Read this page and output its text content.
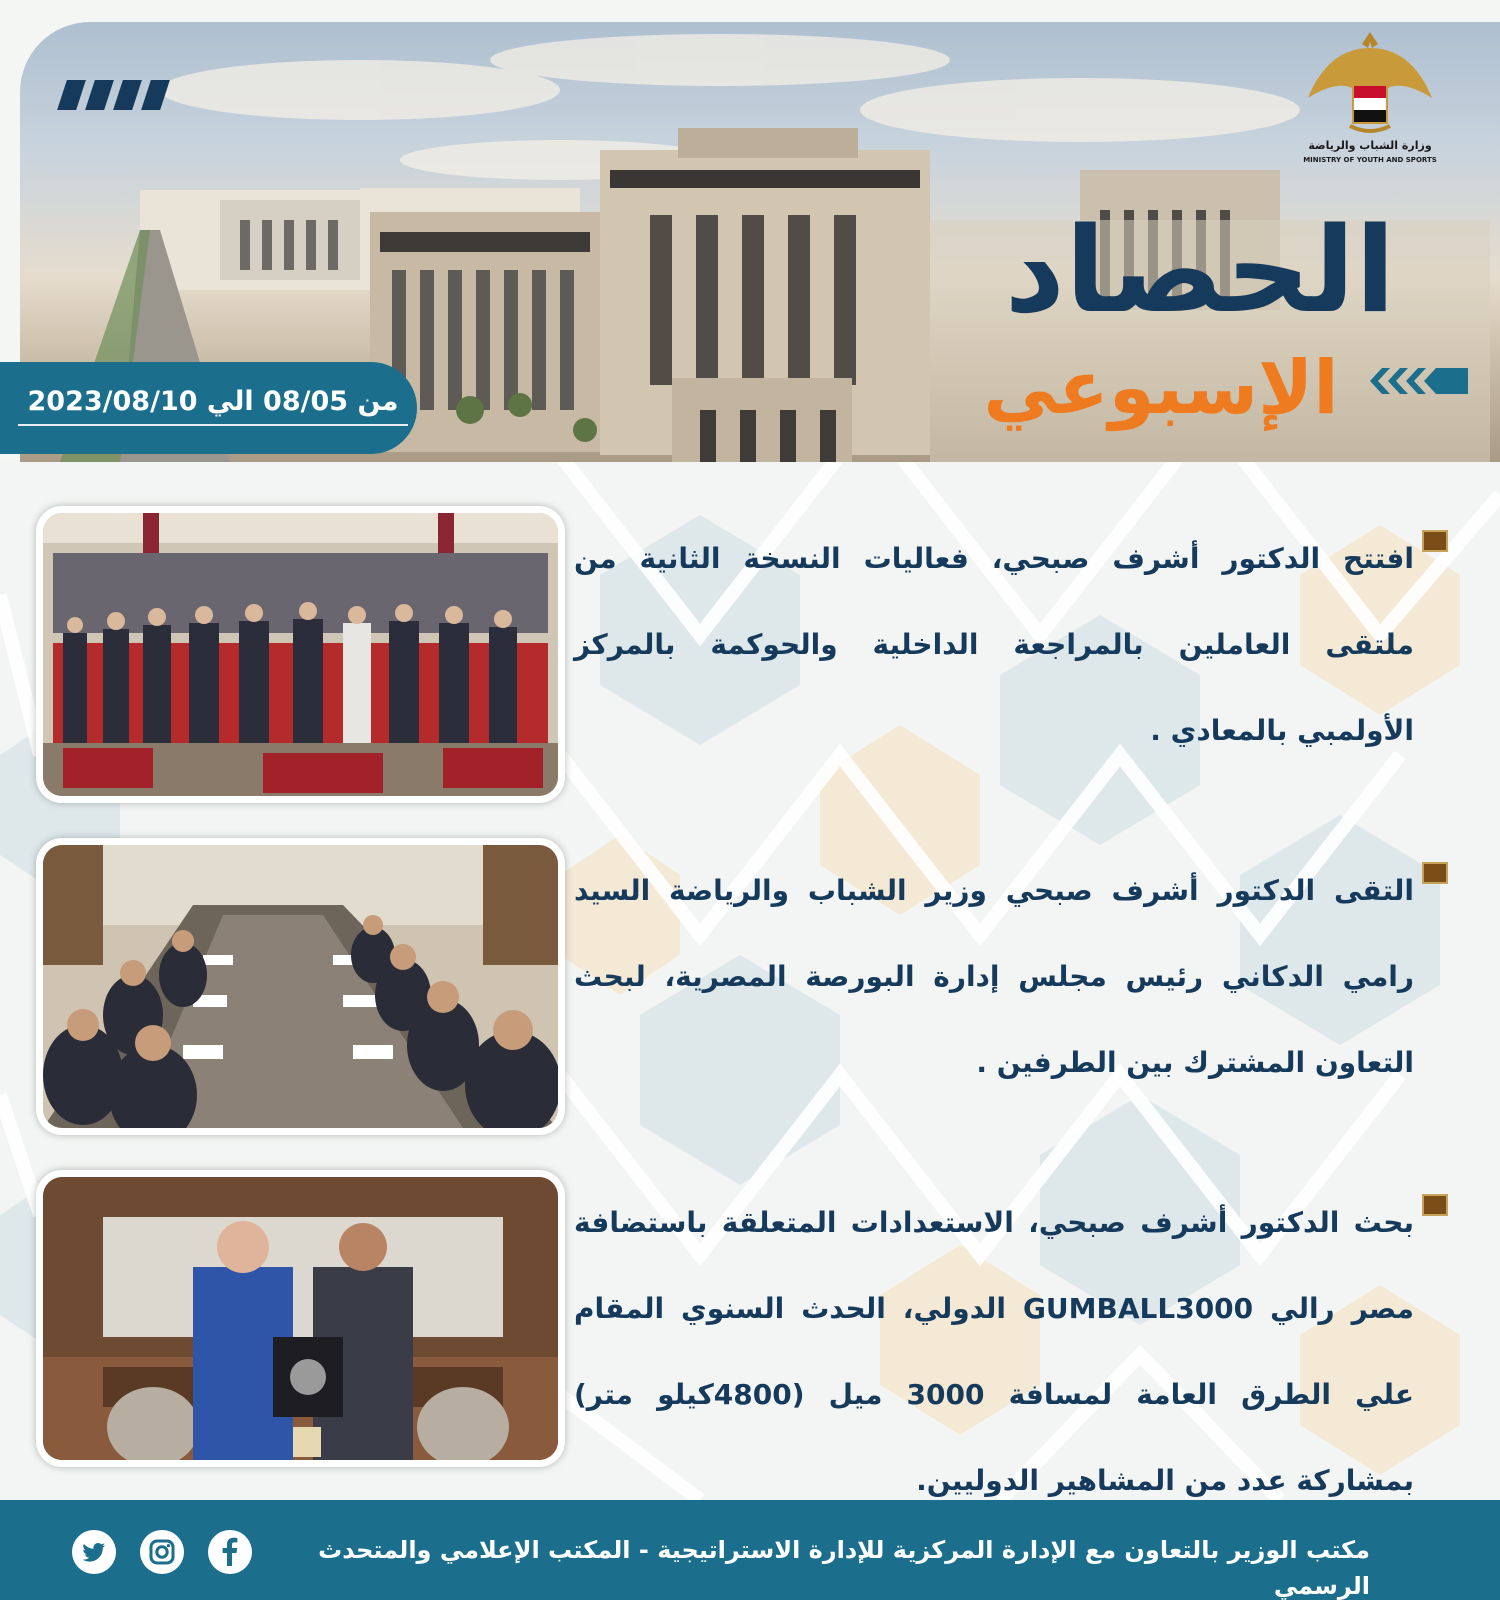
وزارة الشباب والرياضة
MINISTRY OF YOUTH AND SPORTS
الحصاد
الإسبوعي
من 08/05 الي 2023/08/10
افتتح الدكتور أشرف صبحي، فعاليات النسخة الثانية من ملتقى العاملين بالمراجعة الداخلية والحوكمة بالمركز الأولمبي بالمعادي .
التقى الدكتور أشرف صبحي وزير الشباب والرياضة السيد رامي الدكاني رئيس مجلس إدارة البورصة المصرية، لبحث التعاون المشترك بين الطرفين .
بحث الدكتور أشرف صبحي، الاستعدادات المتعلقة باستضافة مصر رالي GUMBALL3000 الدولي، الحدث السنوي المقام علي الطرق العامة لمسافة 3000 ميل (4800كيلو متر) بمشاركة عدد من المشاهير الدوليين.
مكتب الوزير بالتعاون مع الإدارة المركزية للإدارة الاستراتيجية - المكتب الإعلامي والمتحدث الرسمي
